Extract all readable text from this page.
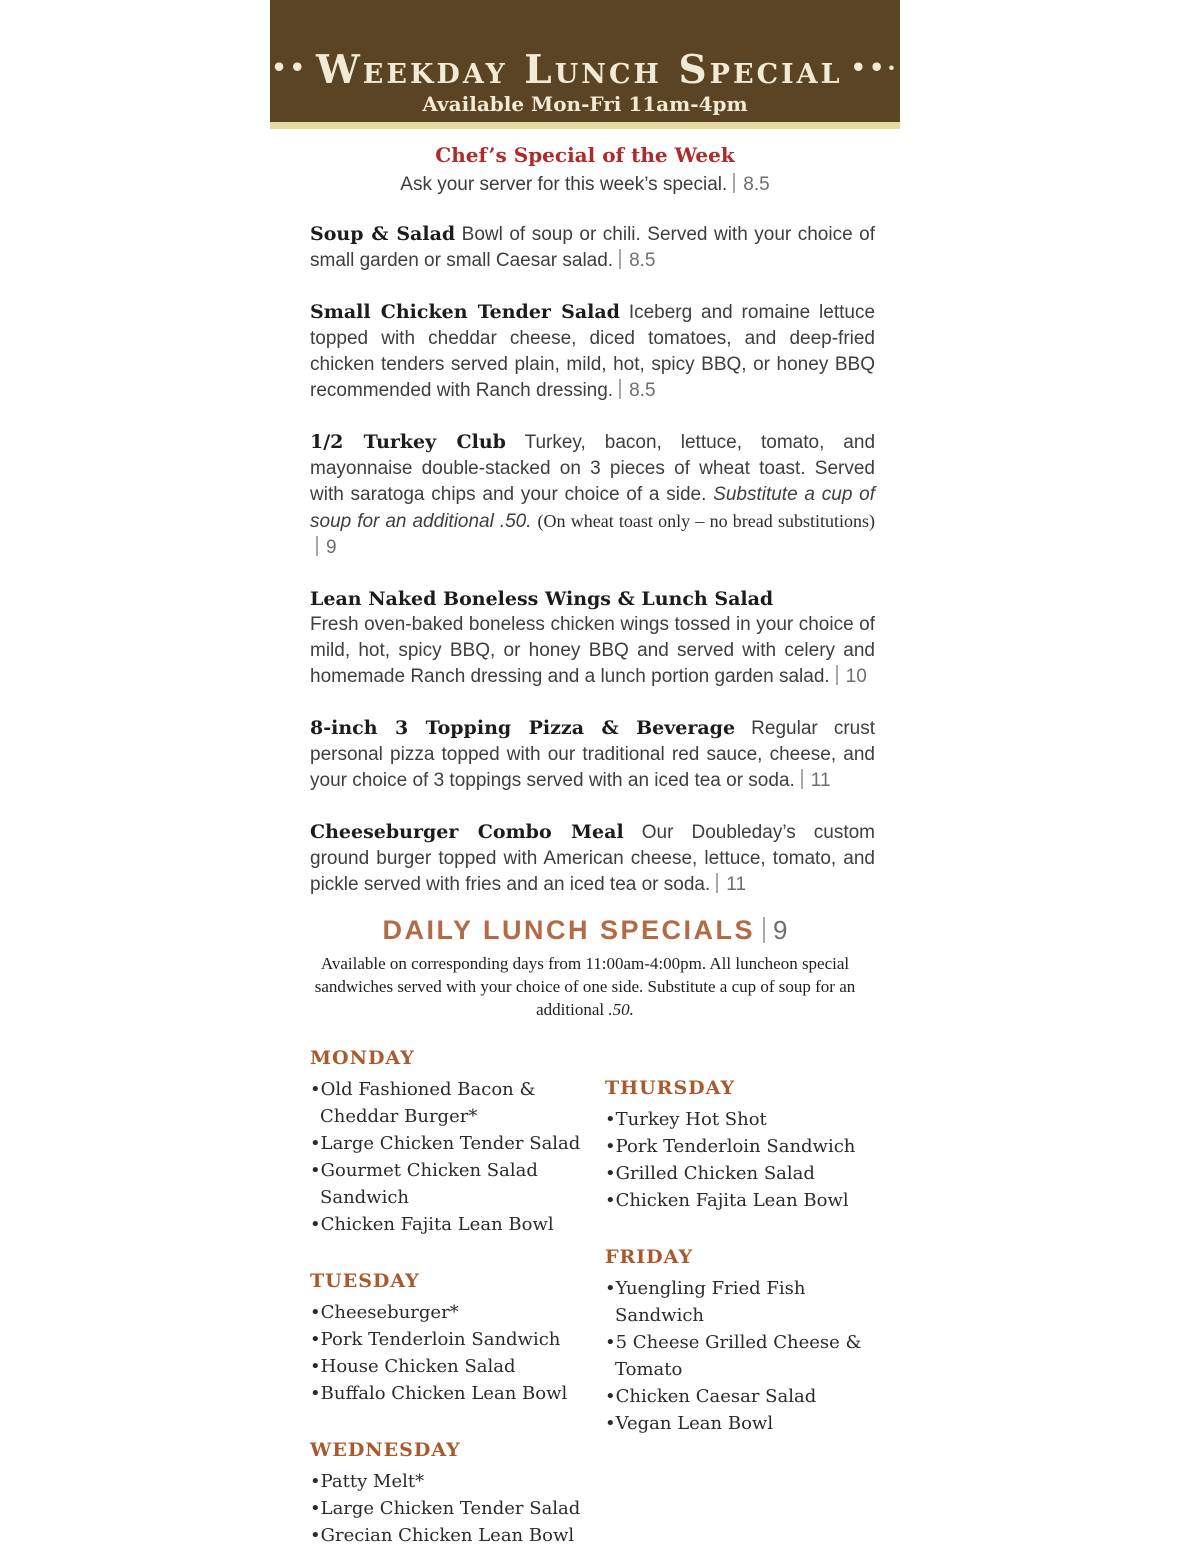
•• Weekday Lunch Special ••·
Available Mon-Fri 11am-4pm
Chef’s Special of the Week
Ask your server for this week’s special. 8.5

Soup & Salad Bowl of soup or chili. Served with your choice of small garden or small Caesar salad. 8.5

Small Chicken Tender Salad Iceberg and romaine lettuce topped with cheddar cheese, diced tomatoes, and deep-fried chicken tenders served plain, mild, hot, spicy BBQ, or honey BBQ recommended with Ranch dressing. 8.5

1/2 Turkey Club Turkey, bacon, lettuce, tomato, and mayonnaise double-stacked on 3 pieces of wheat toast. Served with saratoga chips and your choice of a side. Substitute a cup of soup for an additional .50. (On wheat toast only – no bread substitutions)9

Lean Naked Boneless Wings & Lunch Salad
Fresh oven-baked boneless chicken wings tossed in your choice of mild, hot, spicy BBQ, or honey BBQ and served with celery and homemade Ranch dressing and a lunch portion garden salad. 10

8-inch 3 Topping Pizza & Beverage Regular crust personal pizza topped with our traditional red sauce, cheese, and your choice of 3 toppings served with an iced tea or soda. 11

Cheeseburger Combo Meal Our Doubleday’s custom ground burger topped with American cheese, lettuce, tomato, and pickle served with fries and an iced tea or soda. 11

DAILY LUNCH SPECIALS 9

Available on corresponding days from 11:00am-4:00pm. All luncheon special sandwiches served with your choice of one side. Substitute a cup of soup for an additional .50.

MONDAY
• Old Fashioned Bacon & Cheddar Burger*
• Large Chicken Tender Salad
• Gourmet Chicken Salad Sandwich
• Chicken Fajita Lean Bowl
TUESDAY
• Cheeseburger*
• Pork Tenderloin Sandwich
• House Chicken Salad
• Buffalo Chicken Lean Bowl
WEDNESDAY
• Patty Melt*
• Large Chicken Tender Salad
• Grecian Chicken Lean Bowl
THURSDAY
• Turkey Hot Shot
• Pork Tenderloin Sandwich
• Grilled Chicken Salad
• Chicken Fajita Lean Bowl
FRIDAY
• Yuengling Fried Fish Sandwich
• 5 Cheese Grilled Cheese & Tomato
• Chicken Caesar Salad
• Vegan Lean Bowl
